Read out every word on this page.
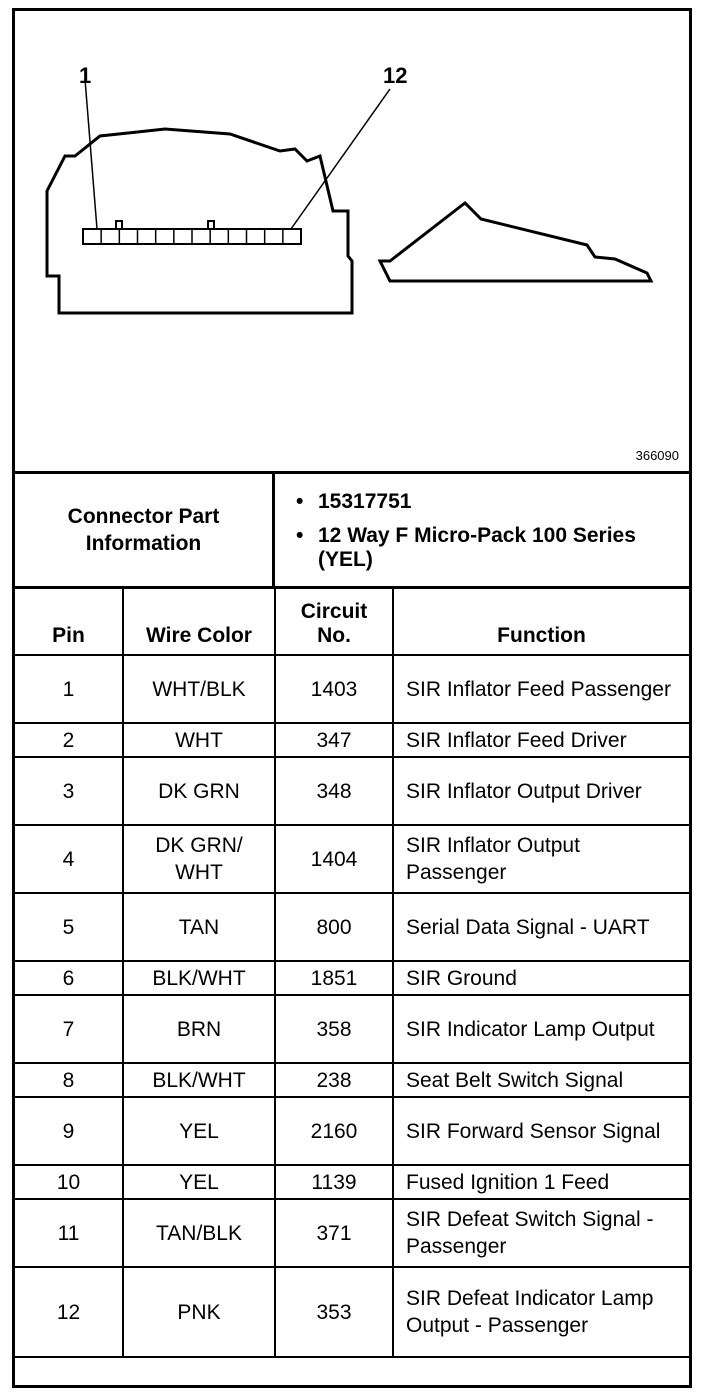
1	12
366090
Connector Part Information
• 15317751
• 12 Way F Micro-Pack 100 Series (YEL)
Pin	Wire Color	Circuit No.	Function
1	WHT/BLK	1403	SIR Inflator Feed Passenger
2	WHT	347	SIR Inflator Feed Driver
3	DK GRN	348	SIR Inflator Output Driver
4	DK GRN/ WHT	1404	SIR Inflator Output Passenger
5	TAN	800	Serial Data Signal - UART
6	BLK/WHT	1851	SIR Ground
7	BRN	358	SIR Indicator Lamp Output
8	BLK/WHT	238	Seat Belt Switch Signal
9	YEL	2160	SIR Forward Sensor Signal
10	YEL	1139	Fused Ignition 1 Feed
11	TAN/BLK	371	SIR Defeat Switch Signal - Passenger
12	PNK	353	SIR Defeat Indicator Lamp Output - Passenger
